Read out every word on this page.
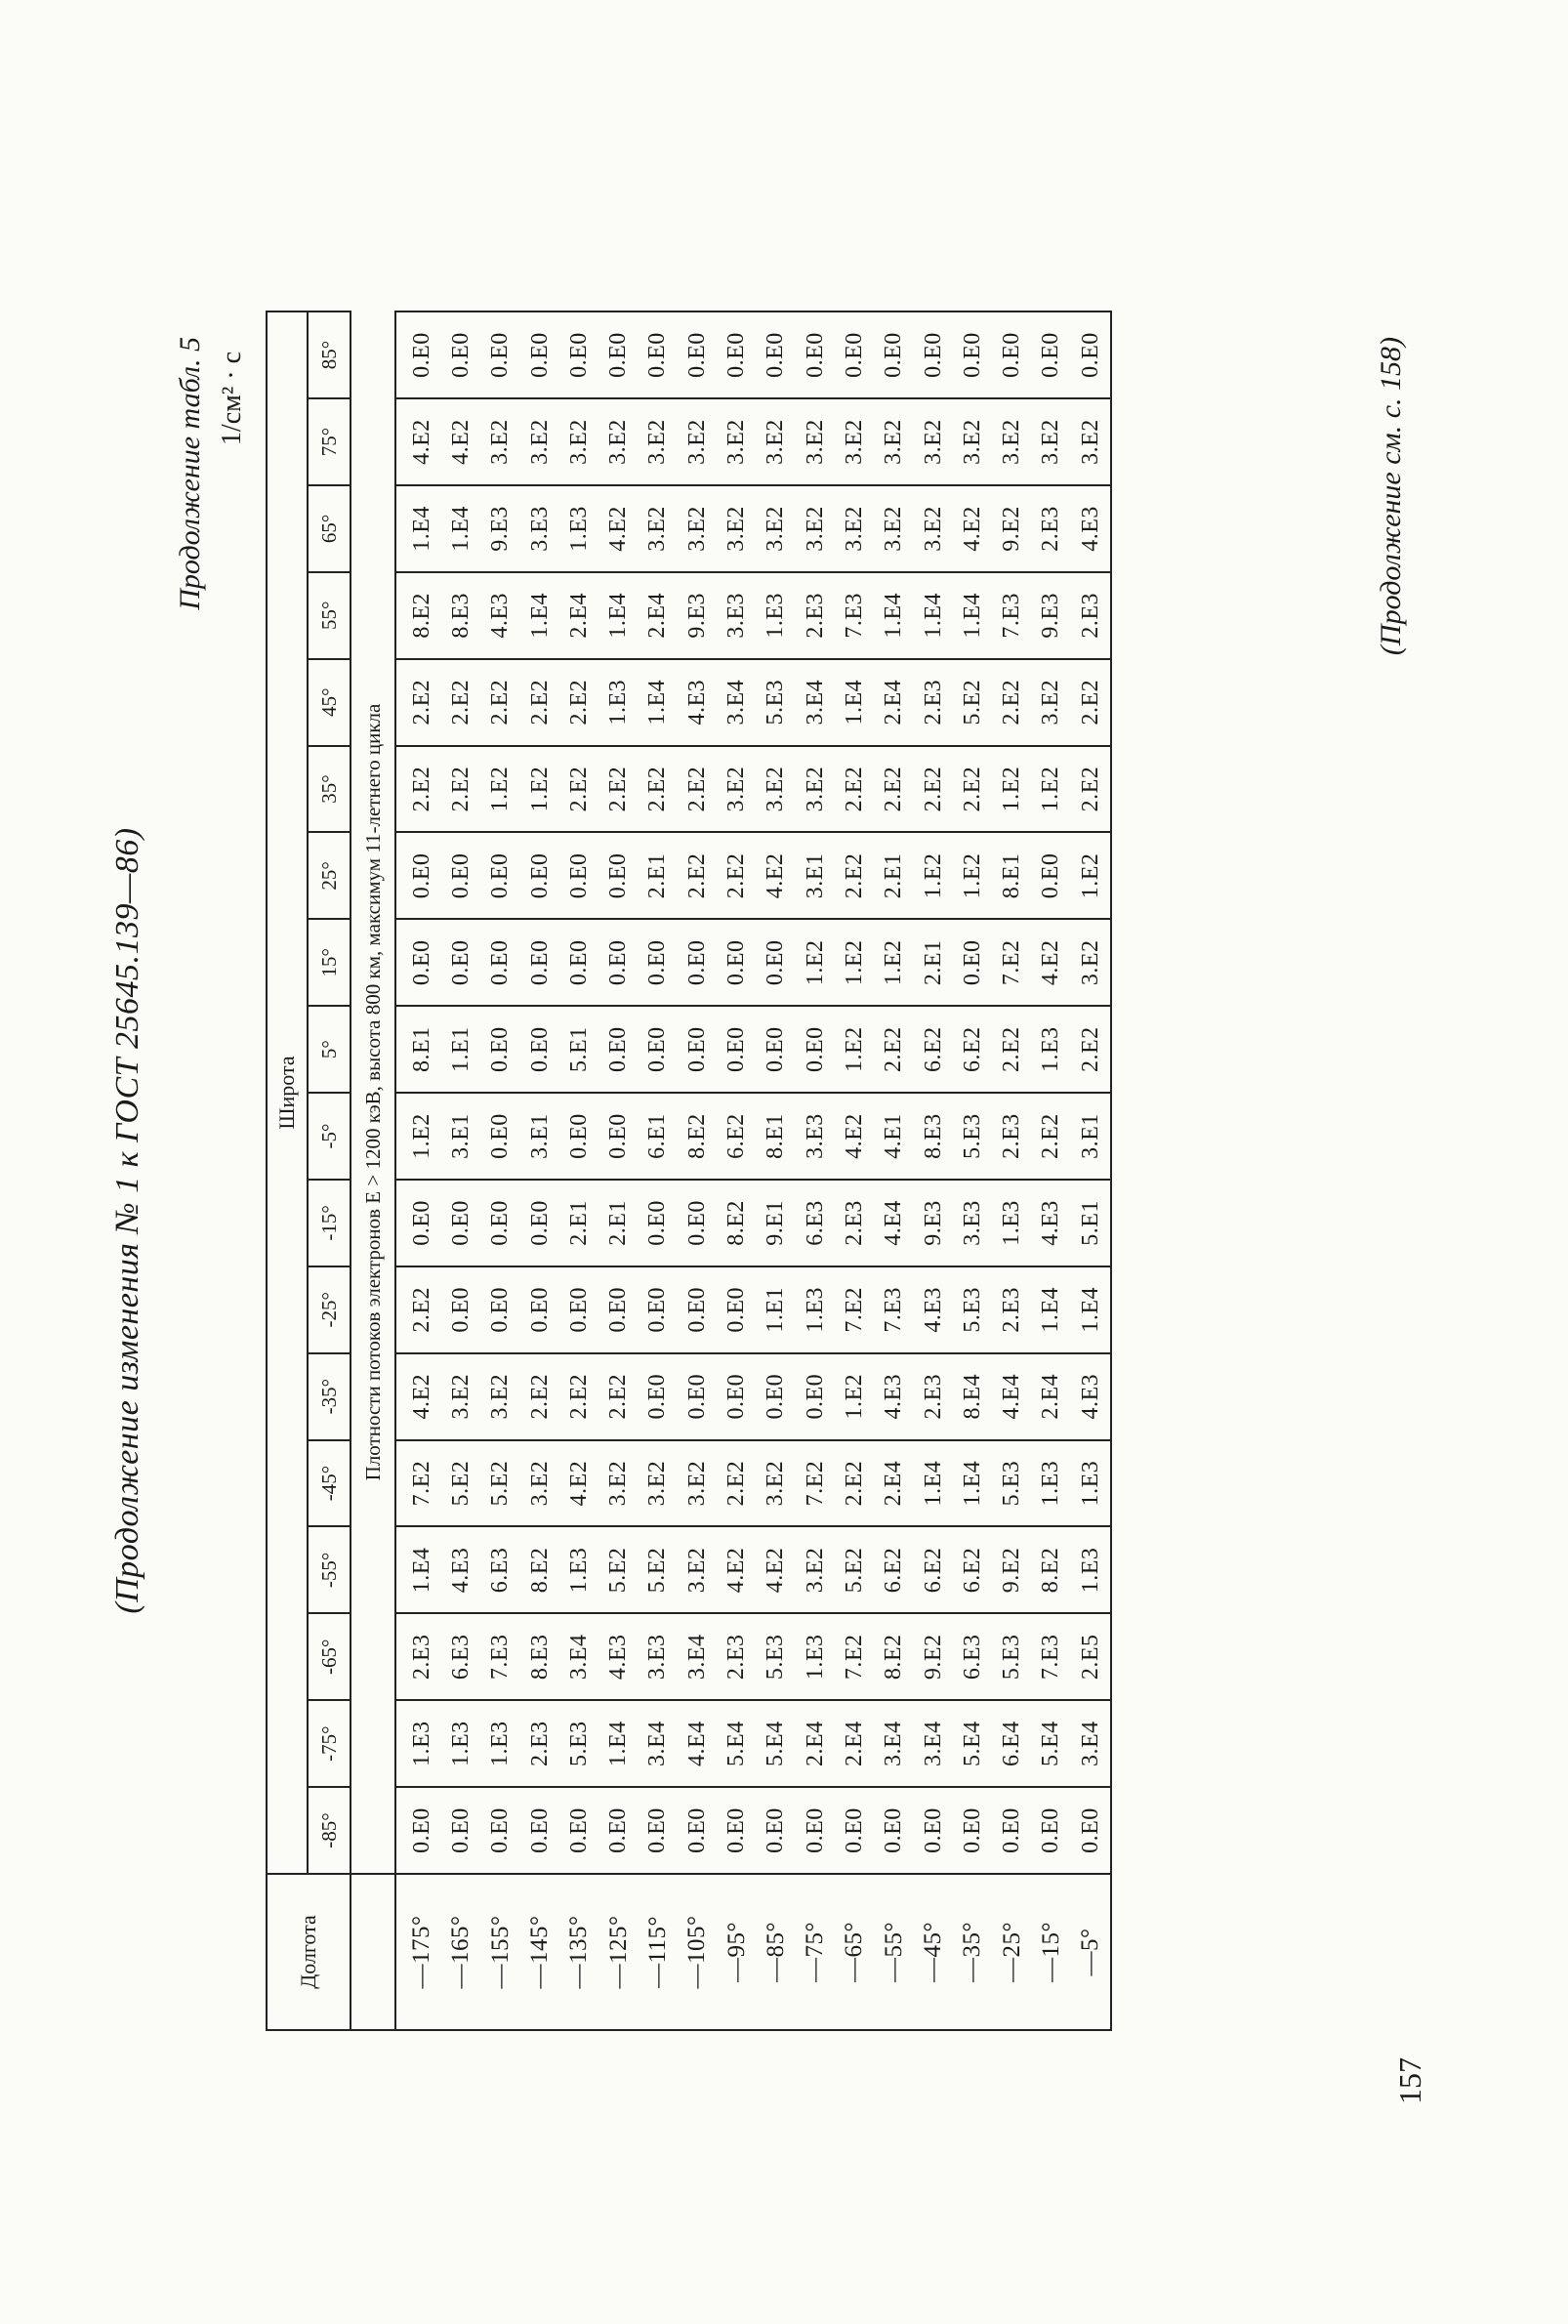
(Продолжение изменения № 1 к ГОСТ 25645.139—86)
Продолжение табл. 5 1/см² · с
Долгота	Широта																	
	-85°	-75°	-65°	-55°	-45°	-35°	-25°	-15°	-5°	5°	15°	25°	35°	45°	55°	65°	75°	85°
	Плотности потоков электронов E > 1200 кэВ, высота 800 км, максимум 11-летнего цикла																	
—175°	0.E0	1.E3	2.E3	1.E4	7.E2	4.E2	2.E2	0.E0	1.E2	8.E1	0.E0	0.E0	2.E2	2.E2	8.E2	1.E4	4.E2	0.E0
—165°	0.E0	1.E3	6.E3	4.E3	5.E2	3.E2	0.E0	0.E0	3.E1	1.E1	0.E0	0.E0	2.E2	2.E2	8.E3	1.E4	4.E2	0.E0
—155°	0.E0	1.E3	7.E3	6.E3	5.E2	3.E2	0.E0	0.E0	0.E0	0.E0	0.E0	0.E0	1.E2	2.E2	4.E3	9.E3	3.E2	0.E0
—145°	0.E0	2.E3	8.E3	8.E2	3.E2	2.E2	0.E0	0.E0	3.E1	0.E0	0.E0	0.E0	1.E2	2.E2	1.E4	3.E3	3.E2	0.E0
—135°	0.E0	5.E3	3.E4	1.E3	4.E2	2.E2	0.E0	2.E1	0.E0	5.E1	0.E0	0.E0	2.E2	2.E2	2.E4	1.E3	3.E2	0.E0
—125°	0.E0	1.E4	4.E3	5.E2	3.E2	2.E2	0.E0	2.E1	0.E0	0.E0	0.E0	0.E0	2.E2	1.E3	1.E4	4.E2	3.E2	0.E0
—115°	0.E0	3.E4	3.E3	5.E2	3.E2	0.E0	0.E0	0.E0	6.E1	0.E0	0.E0	2.E1	2.E2	1.E4	2.E4	3.E2	3.E2	0.E0
—105°	0.E0	4.E4	3.E4	3.E2	3.E2	0.E0	0.E0	0.E0	8.E2	0.E0	0.E0	2.E2	2.E2	4.E3	9.E3	3.E2	3.E2	0.E0
—95°	0.E0	5.E4	2.E3	4.E2	2.E2	0.E0	0.E0	8.E2	6.E2	0.E0	0.E0	2.E2	3.E2	3.E4	3.E3	3.E2	3.E2	0.E0
—85°	0.E0	5.E4	5.E3	4.E2	3.E2	0.E0	1.E1	9.E1	8.E1	0.E0	0.E0	4.E2	3.E2	5.E3	1.E3	3.E2	3.E2	0.E0
—75°	0.E0	2.E4	1.E3	3.E2	7.E2	0.E0	1.E3	6.E3	3.E3	0.E0	1.E2	3.E1	3.E2	3.E4	2.E3	3.E2	3.E2	0.E0
—65°	0.E0	2.E4	7.E2	5.E2	2.E2	1.E2	7.E2	2.E3	4.E2	1.E2	1.E2	2.E2	2.E2	1.E4	7.E3	3.E2	3.E2	0.E0
—55°	0.E0	3.E4	8.E2	6.E2	2.E4	4.E3	7.E3	4.E4	4.E1	2.E2	1.E2	2.E1	2.E2	2.E4	1.E4	3.E2	3.E2	0.E0
—45°	0.E0	3.E4	9.E2	6.E2	1.E4	2.E3	4.E3	9.E3	8.E3	6.E2	2.E1	1.E2	2.E2	2.E3	1.E4	3.E2	3.E2	0.E0
—35°	0.E0	5.E4	6.E3	6.E2	1.E4	8.E4	5.E3	3.E3	5.E3	6.E2	0.E0	1.E2	2.E2	5.E2	1.E4	4.E2	3.E2	0.E0
—25°	0.E0	6.E4	5.E3	9.E2	5.E3	4.E4	2.E3	1.E3	2.E3	2.E2	7.E2	8.E1	1.E2	2.E2	7.E3	9.E2	3.E2	0.E0
—15°	0.E0	5.E4	7.E3	8.E2	1.E3	2.E4	1.E4	4.E3	2.E2	1.E3	4.E2	0.E0	1.E2	3.E2	9.E3	2.E3	3.E2	0.E0
—5°	0.E0	3.E4	2.E5	1.E3	1.E3	4.E3	1.E4	5.E1	3.E1	2.E2	3.E2	1.E2	2.E2	2.E2	2.E3	4.E3	3.E2	0.E0	(Продолжение см. с. 158)
157
